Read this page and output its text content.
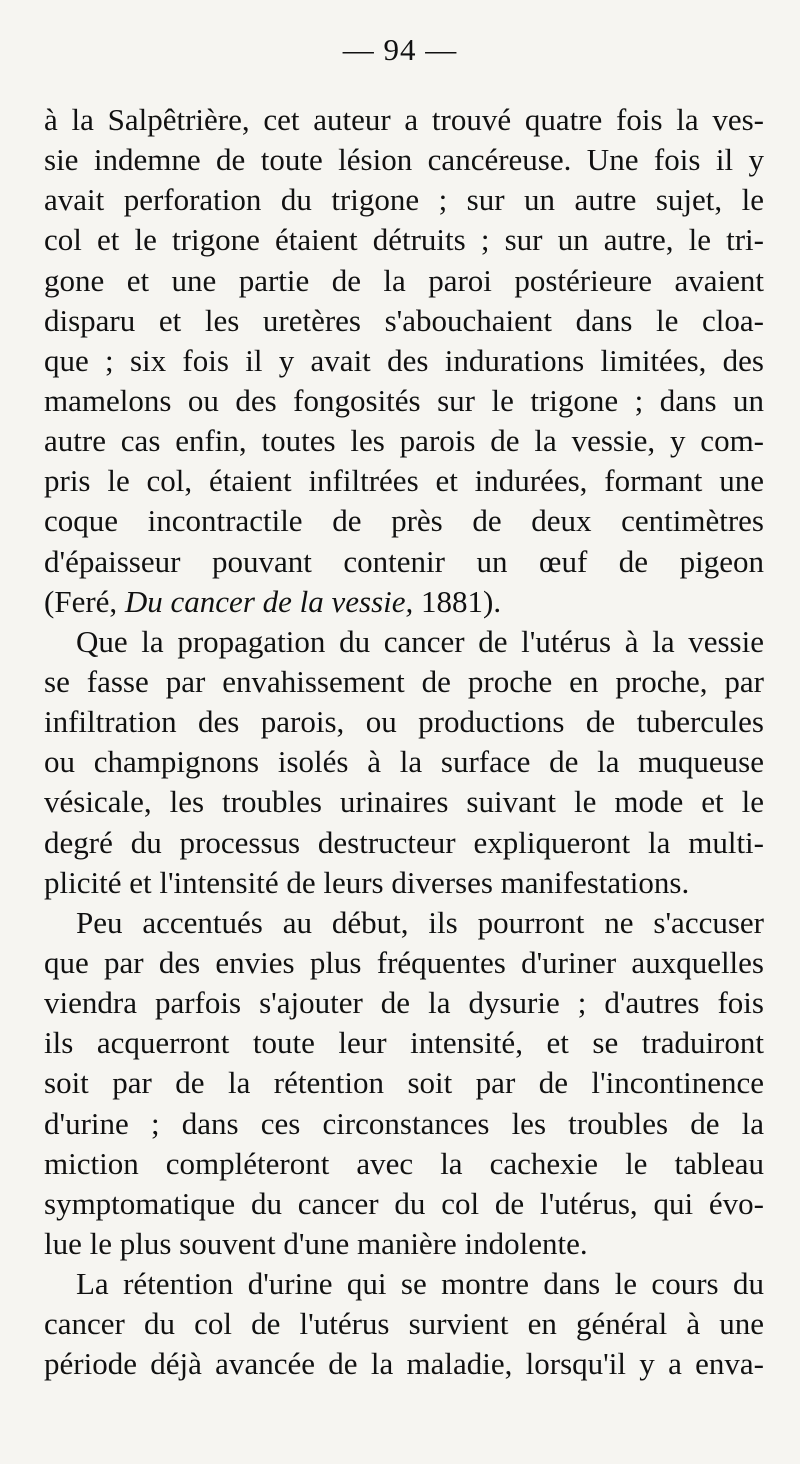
— 94 —
à la Salpêtrière, cet auteur a trouvé quatre fois la ves-
sie indemne de toute lésion cancéreuse. Une fois il y
avait perforation du trigone ; sur un autre sujet, le
col et le trigone étaient détruits ; sur un autre, le tri-
gone et une partie de la paroi postérieure avaient
disparu et les uretères s'abouchaient dans le cloa-
que ; six fois il y avait des indurations limitées, des
mamelons ou des fongosités sur le trigone ; dans un
autre cas enfin, toutes les parois de la vessie, y com-
pris le col, étaient infiltrées et indurées, formant une
coque incontractile de près de deux centimètres
d'épaisseur pouvant contenir un œuf de pigeon
(Feré, Du cancer de la vessie, 1881).
Que la propagation du cancer de l'utérus à la vessie
se fasse par envahissement de proche en proche, par
infiltration des parois, ou productions de tubercules
ou champignons isolés à la surface de la muqueuse
vésicale, les troubles urinaires suivant le mode et le
degré du processus destructeur expliqueront la multi-
plicité et l'intensité de leurs diverses manifestations.
Peu accentués au début, ils pourront ne s'accuser
que par des envies plus fréquentes d'uriner auxquelles
viendra parfois s'ajouter de la dysurie ; d'autres fois
ils acquerront toute leur intensité, et se traduiront
soit par de la rétention soit par de l'incontinence
d'urine ; dans ces circonstances les troubles de la
miction compléteront avec la cachexie le tableau
symptomatique du cancer du col de l'utérus, qui évo-
lue le plus souvent d'une manière indolente.
La rétention d'urine qui se montre dans le cours du
cancer du col de l'utérus survient en général à une
période déjà avancée de la maladie, lorsqu'il y a enva-
